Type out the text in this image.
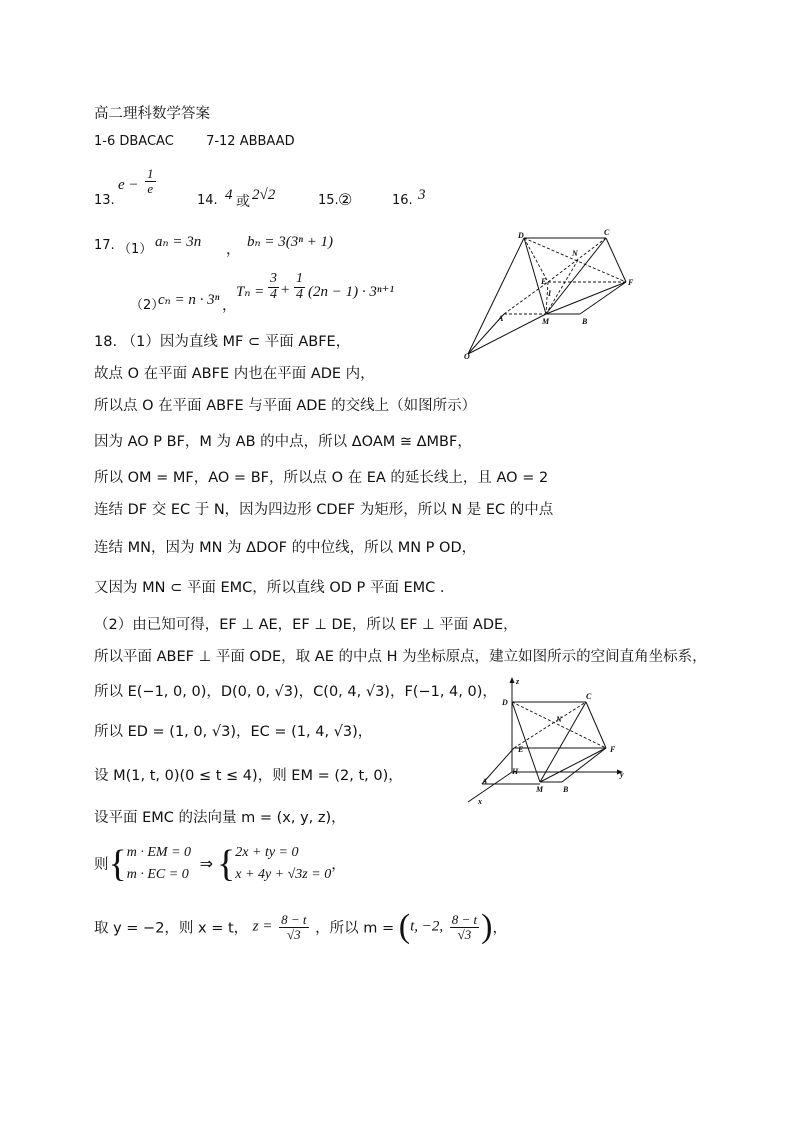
高二理科数学答案
1-6 DBACAC 7-12 ABBAAD
13.
$e - \frac{1}{e}$
14. 4 或 2√2	15. ②	16. 3
17. （1） aₙ = 3n ， bₙ = 3(3ⁿ + 1)
（2）
cₙ = n · 3ⁿ ，
$T_n = \frac{3}{4} + \frac{1}{4} (2n - 1) \cdot 3^{n+1}$
18. （1）因为直线 MF ⊂ 平面 ABFE，
故点 O 在平面 ABFE 内也在平面 ADE 内，
所以点 O 在平面 ABFE 与平面 ADE 的交线上（如图所示）
因为 AO P BF，M 为 AB 的中点，所以 ΔOAM ≅ ΔMBF，
所以 OM = MF，AO = BF，所以点 O 在 EA 的延长线上，且 AO = 2
连结 DF 交 EC 于 N，因为四边形 CDEF 为矩形，所以 N 是 EC 的中点
连结 MN，因为 MN 为 ΔDOF 的中位线，所以 MN P OD，
又因为 MN ⊂ 平面 EMC，所以直线 OD P 平面 EMC .
（2）由已知可得，EF ⊥ AE，EF ⊥ DE，所以 EF ⊥ 平面 ADE，
所以平面 ABEF ⊥ 平面 ODE，取 AE 的中点 H 为坐标原点，建立如图所示的空间直角坐标系，
所以 E(−1, 0, 0)，D(0, 0, √3)，C(0, 4, √3)，F(−1, 4, 0)，
所以 ED = (1, 0, √3)，EC = (1, 4, √3)，
设 M(1, t, 0)(0 ≤ t ≤ 4)，则 EM = (2, t, 0)，
设平面 EMC 的法向量 m = (x, y, z)，
则{ m · EM = 0
m · EC = 0
⇒ { 2x + ty = 0
x + 4y + √3z = 0
，
取 y = −2，则 x = t， $z = \frac{8 - t}{√3}$ ，所以 m = (t, −2, $\frac{8 - t}{√3}$ )，
D	C
N
E
I
F
A	M	B
O
z
D
C
N
E	F
H
A
M B
y
x
